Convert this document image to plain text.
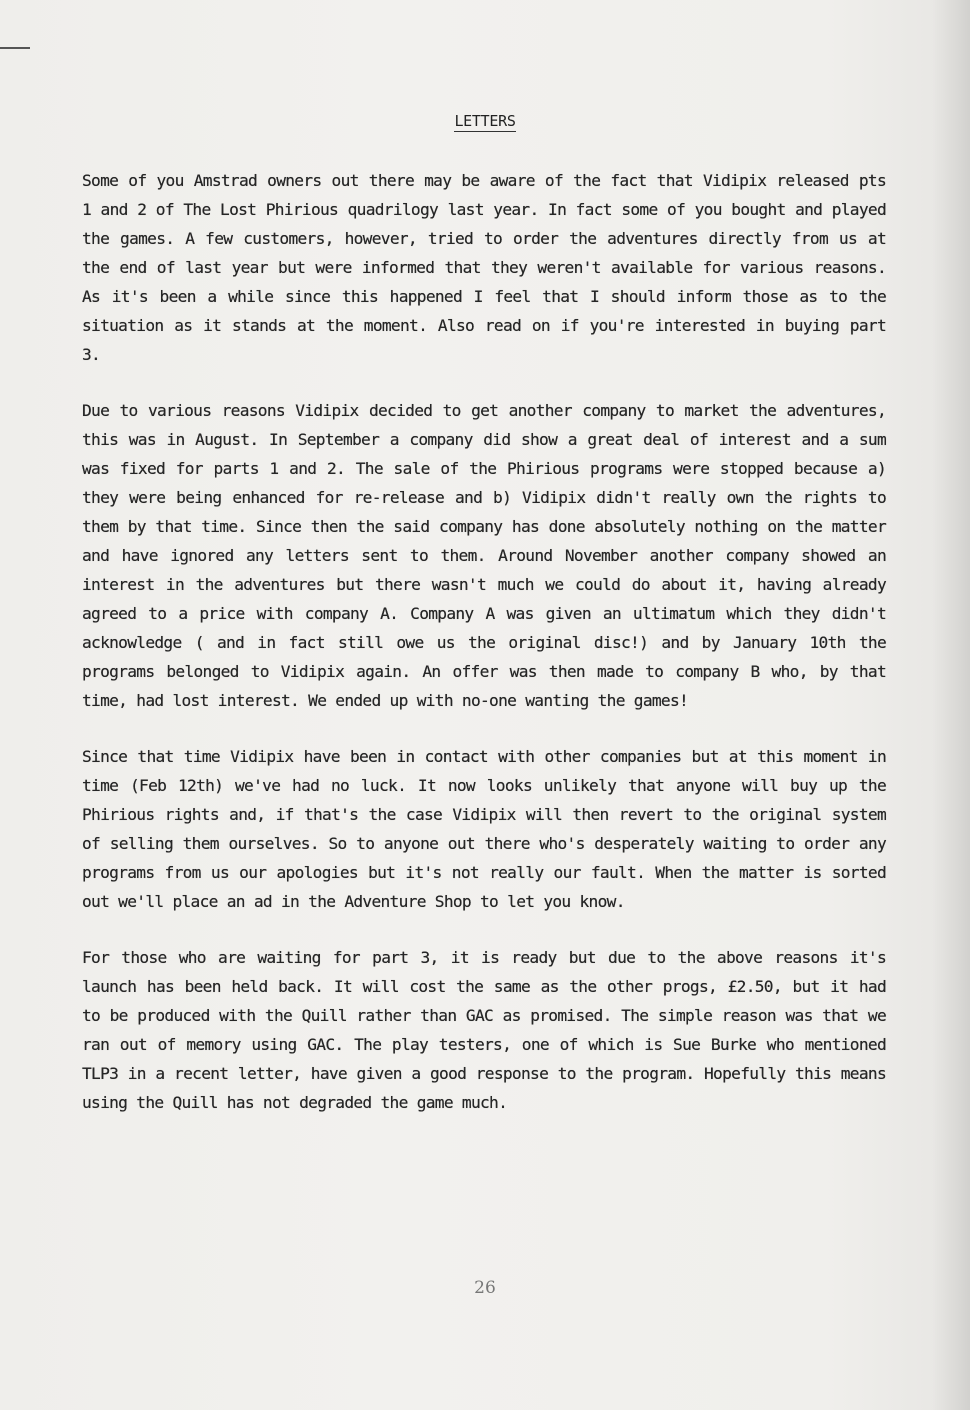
LETTERS

Some of you Amstrad owners out there may be aware of the fact that Vidipix released pts 1 and 2 of The Lost Phirious quadrilogy last year. In fact some of you bought and played the games. A few customers, however, tried to order the adventures directly from us at the end of last year but were informed that they weren't available for various reasons. As it's been a while since this happened I feel that I should inform those as to the situation as it stands at the moment. Also read on if you're interested in buying part 3.

Due to various reasons Vidipix decided to get another company to market the adventures, this was in August. In September a company did show a great deal of interest and a sum was fixed for parts 1 and 2. The sale of the Phirious programs were stopped because a) they were being enhanced for re-release and b) Vidipix didn't really own the rights to them by that time. Since then the said company has done absolutely nothing on the matter and have ignored any letters sent to them. Around November another company showed an interest in the adventures but there wasn't much we could do about it, having already agreed to a price with company A. Company A was given an ultimatum which they didn't acknowledge ( and in fact still owe us the original disc!) and by January 10th the programs belonged to Vidipix again. An offer was then made to company B who, by that time, had lost interest. We ended up with no-one wanting the games!

Since that time Vidipix have been in contact with other companies but at this moment in time (Feb 12th) we've had no luck. It now looks unlikely that anyone will buy up the Phirious rights and, if that's the case Vidipix will then revert to the original system of selling them ourselves. So to anyone out there who's desperately waiting to order any programs from us our apologies but it's not really our fault. When the matter is sorted out we'll place an ad in the Adventure Shop to let you know.

For those who are waiting for part 3, it is ready but due to the above reasons it's launch has been held back. It will cost the same as the other progs, £2.50, but it had to be produced with the Quill rather than GAC as promised. The simple reason was that we ran out of memory using GAC. The play testers, one of which is Sue Burke who mentioned TLP3 in a recent letter, have given a good response to the program. Hopefully this means using the Quill has not degraded the game much.

26
